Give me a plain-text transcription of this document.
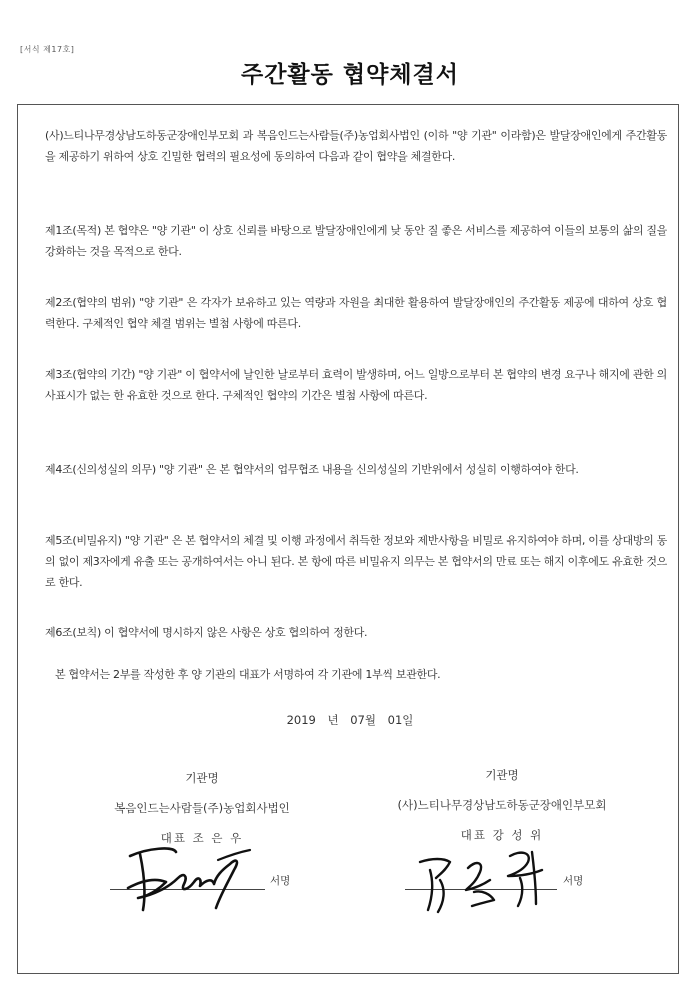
[서식 제17호]
주간활동 협약체결서

(사)느티나무경상남도하동군장애인부모회 과 복음인드는사람들(주)농업회사법인 (이하 "양 기관" 이라함)은 발달장애인에게 주간활동을 제공하기 위하여 상호 긴밀한 협력의 필요성에 동의하여 다음과 같이 협약을 체결한다.

제1조(목적) 본 협약은 "양 기관" 이 상호 신뢰를 바탕으로 발달장애인에게 낮 동안 질 좋은 서비스를 제공하여 이들의 보통의 삶의 질을 강화하는 것을 목적으로 한다.

제2조(협약의 범위) "양 기관" 은 각자가 보유하고 있는 역량과 자원을 최대한 활용하여 발달장애인의 주간활동 제공에 대하여 상호 협력한다. 구체적인 협약 체결 범위는 별첨 사항에 따른다.

제3조(협약의 기간) "양 기관" 이 협약서에 날인한 날로부터 효력이 발생하며, 어느 일방으로부터 본 협약의 변경 요구나 해지에 관한 의사표시가 없는 한 유효한 것으로 한다. 구체적인 협약의 기간은 별첨 사항에 따른다.

제4조(신의성실의 의무) "양 기관" 은 본 협약서의 업무협조 내용을 신의성실의 기반위에서 성실히 이행하여야 한다.

제5조(비밀유지) "양 기관" 은 본 협약서의 체결 및 이행 과정에서 취득한 정보와 제반사항을 비밀로 유지하여야 하며, 이를 상대방의 동의 없이 제3자에게 유출 또는 공개하여서는 아니 된다. 본 항에 따른 비밀유지 의무는 본 협약서의 만료 또는 해지 이후에도 유효한 것으로 한다.

제6조(보칙) 이 협약서에 명시하지 않은 사항은 상호 협의하여 정한다.

본 협약서는 2부를 작성한 후 양 기관의 대표가 서명하여 각 기관에 1부씩 보관한다.

2019 년 07월 01일
기관명
복음인드는사람들(주)농업회사법인
대표 조 은 우
기관명
(사)느티나무경상남도하동군장애인부모회
대표 강 성 위
서명	서명
